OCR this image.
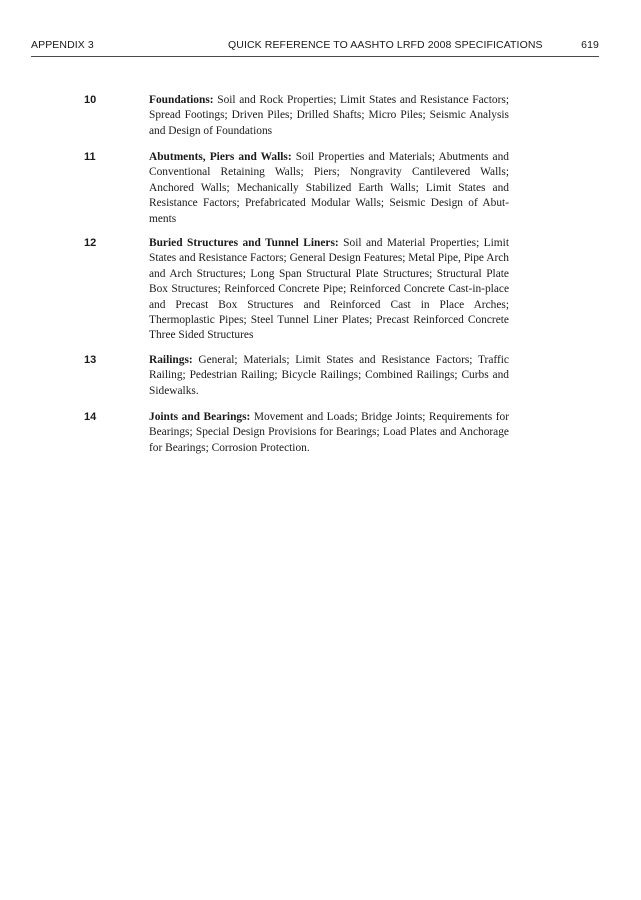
APPENDIX 3	QUICK REFERENCE TO AASHTO LRFD 2008 SPECIFICATIONS	619
10	Foundations: Soil and Rock Properties; Limit States and Resistance Factors; Spread Footings; Driven Piles; Drilled Shafts; Micro Piles; Seismic Analysis and Design of Foundations
11	Abutments, Piers and Walls: Soil Properties and Materials; Abutments and Conventional Retaining Walls; Piers; Nongravity Cantilevered Walls; Anchored Walls; Mechanically Stabilized Earth Walls; Limit States and Resistance Factors; Prefabricated Modular Walls; Seismic Design of Abutments
12	Buried Structures and Tunnel Liners: Soil and Material Properties; Limit States and Resistance Factors; General Design Features; Metal Pipe, Pipe Arch and Arch Structures; Long Span Structural Plate Structures; Structural Plate Box Structures; Reinforced Concrete Pipe; Reinforced Concrete Cast-in-place and Precast Box Structures and Reinforced Cast in Place Arches; Thermoplastic Pipes; Steel Tunnel Liner Plates; Precast Reinforced Concrete Three Sided Structures
13	Railings: General; Materials; Limit States and Resistance Factors; Traffic Railing; Pedestrian Railing; Bicycle Railings; Combined Railings; Curbs and Sidewalks.
14	Joints and Bearings: Movement and Loads; Bridge Joints; Requirements for Bearings; Special Design Provisions for Bearings; Load Plates and Anchorage for Bearings; Corrosion Protection.
